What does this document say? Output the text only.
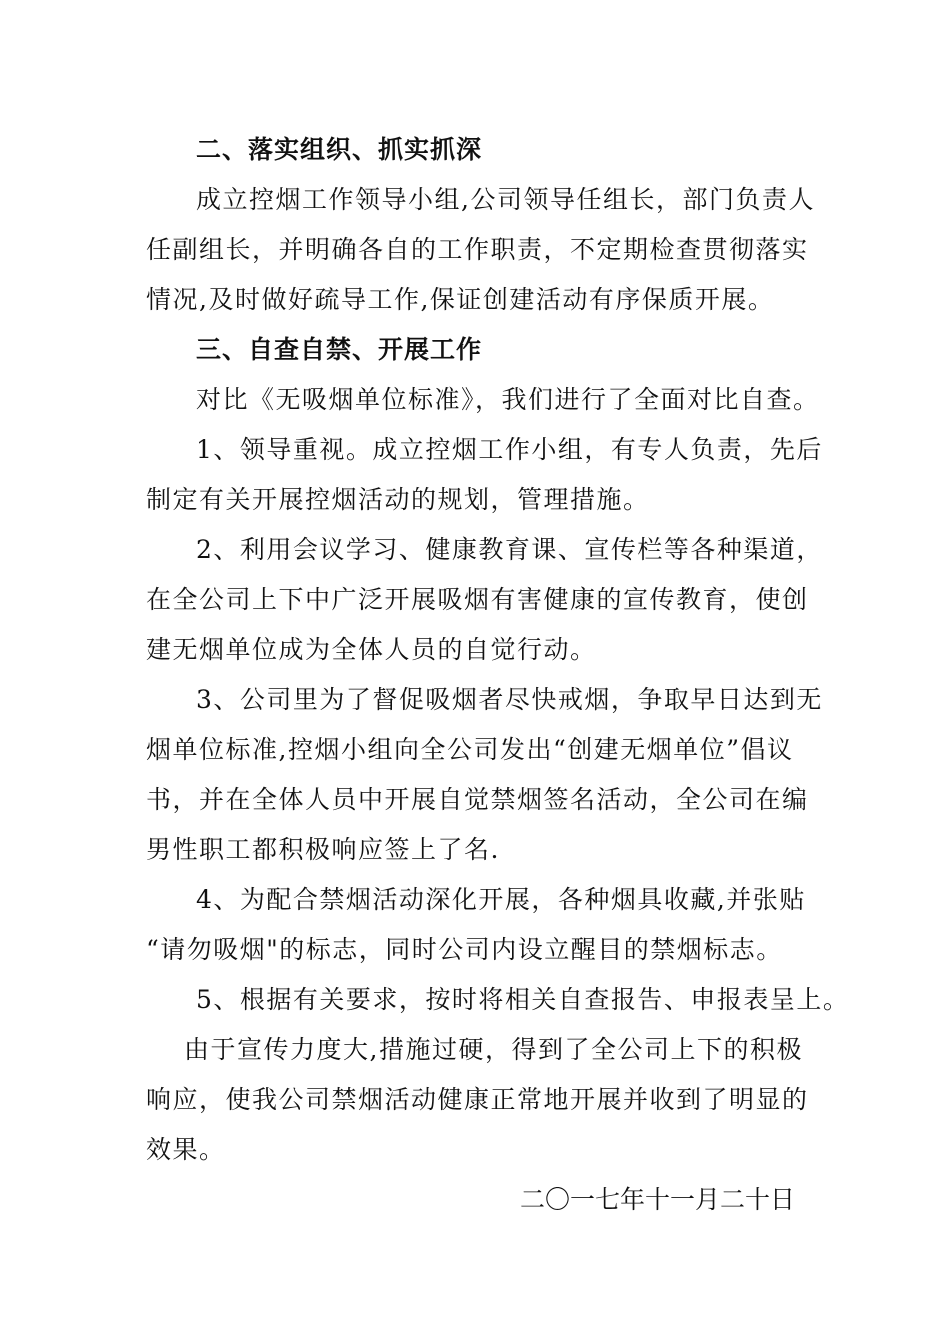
二、落实组织、抓实抓深
成立控烟工作领导小组,公司领导任组长，部门负责人
任副组长，并明确各自的工作职责，不定期检查贯彻落实
情况,及时做好疏导工作,保证创建活动有序保质开展。
三、自查自禁、开展工作
对比《无吸烟单位标准》，我们进行了全面对比自查。
1、领导重视。成立控烟工作小组，有专人负责，先后
制定有关开展控烟活动的规划，管理措施。
2、利用会议学习、健康教育课、宣传栏等各种渠道，
在全公司上下中广泛开展吸烟有害健康的宣传教育，使创
建无烟单位成为全体人员的自觉行动。
3、公司里为了督促吸烟者尽快戒烟，争取早日达到无
烟单位标准,控烟小组向全公司发出“创建无烟单位”倡议
书，并在全体人员中开展自觉禁烟签名活动，全公司在编
男性职工都积极响应签上了名.
4、为配合禁烟活动深化开展，各种烟具收藏,并张贴
“请勿吸烟"的标志，同时公司内设立醒目的禁烟标志。
5、根据有关要求，按时将相关自查报告、申报表呈上。
由于宣传力度大,措施过硬，得到了全公司上下的积极
响应，使我公司禁烟活动健康正常地开展并收到了明显的
效果。
二〇一七年十一月二十日
